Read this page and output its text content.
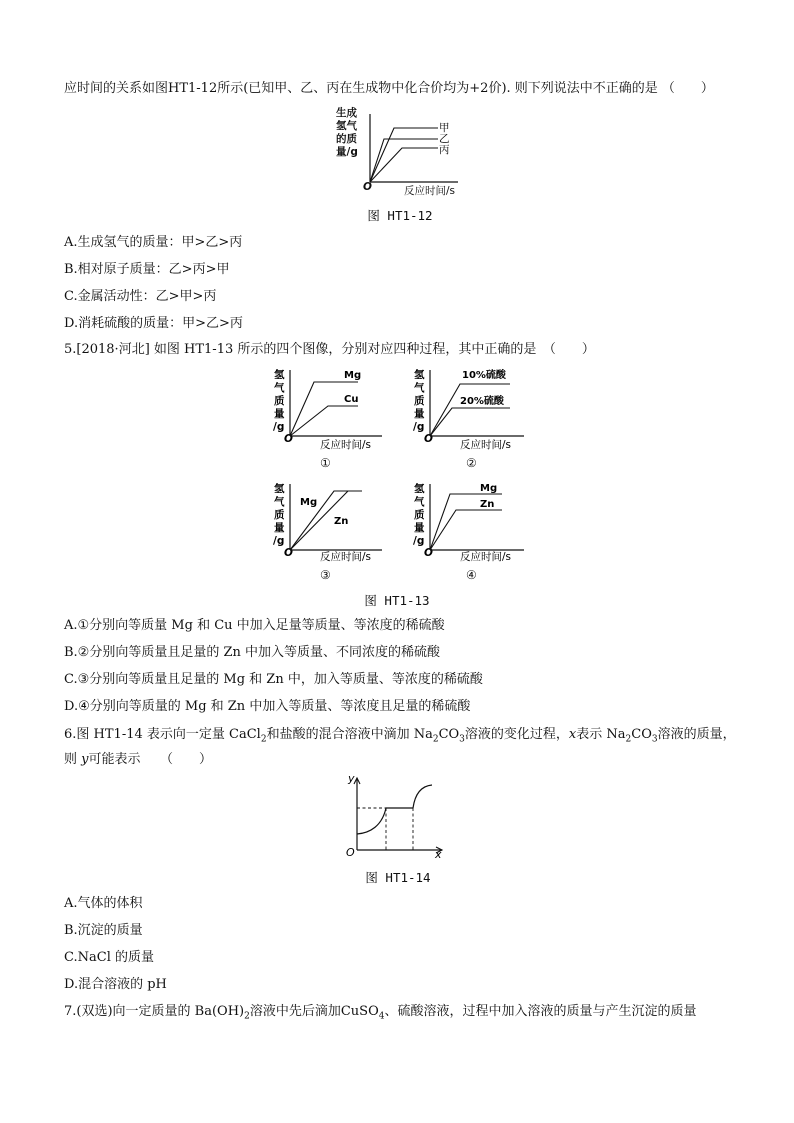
应时间的关系如图HT1-12所示(已知甲、乙、丙在生成物中化合价均为+2价). 则下列说法中不正确的是 （　　）
生成
氢气
的质
量/g
O	反应时间/s
甲
乙
丙
图 HT1-12
A.生成氢气的质量：甲>乙>丙
B.相对原子质量：乙>丙>甲
C.金属活动性：乙>甲>丙
D.消耗硫酸的质量：甲>乙>丙
5.[2018·河北] 如图 HT1-13 所示的四个图像，分别对应四种过程，其中正确的是　（　　）
氢
气
质
量
/g
O	反应时间/s
Mg
Cu
①
氢
气
质
量
/g
O	反应时间/s
10%硫酸
20%硫酸
②
氢
气
质
量
/g
O	反应时间/s
Mg
Zn
③
氢
气
质
量
/g
O	反应时间/s
Mg
Zn
④
图 HT1-13
A.①分别向等质量 Mg 和 Cu 中加入足量等质量、等浓度的稀硫酸
B.②分别向等质量且足量的 Zn 中加入等质量、不同浓度的稀硫酸
C.③分别向等质量且足量的 Mg 和 Zn 中，加入等质量、等浓度的稀硫酸
D.④分别向等质量的 Mg 和 Zn 中加入等质量、等浓度且足量的稀硫酸
6.图 HT1-14 表示向一定量 CaCl$_2$和盐酸的混合溶液中滴加 $Na_2CO_3$溶液的变化过程，x表示 $Na_2CO_3$溶液的质量，
则 y可能表示　　（　　）
y
O	x
图 HT1-14
A.气体的体积
B.沉淀的质量
C.NaCl 的质量
D.混合溶液的 pH
7.(双选)向一定质量的 $Ba(OH)_2$溶液中先后滴加CuSO$_4$、硫酸溶液，过程中加入溶液的质量与产生沉淀的质量
